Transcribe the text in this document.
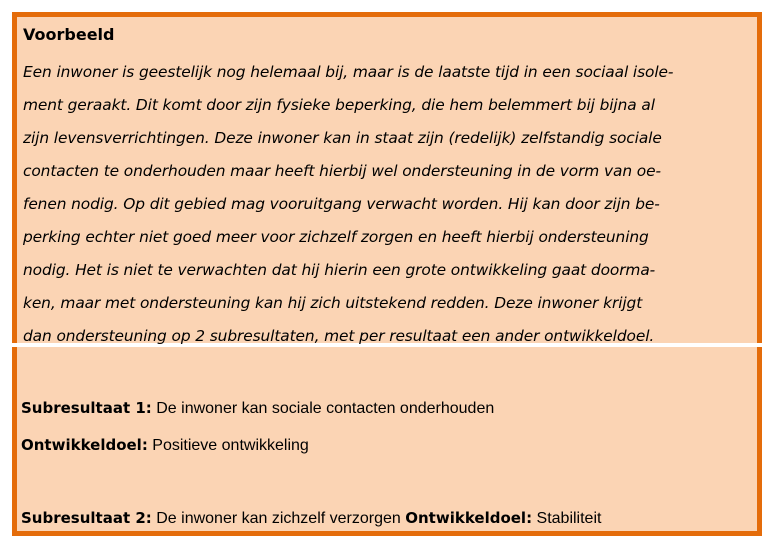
Voorbeeld
Een inwoner is geestelijk nog helemaal bij, maar is de laatste tijd in een sociaal isole-
ment geraakt. Dit komt door zijn fysieke beperking, die hem belemmert bij bijna al
zijn levensverrichtingen. Deze inwoner kan in staat zijn (redelijk) zelfstandig sociale
contacten te onderhouden maar heeft hierbij wel ondersteuning in de vorm van oe-
fenen nodig. Op dit gebied mag vooruitgang verwacht worden. Hij kan door zijn be-
perking echter niet goed meer voor zichzelf zorgen en heeft hierbij ondersteuning
nodig. Het is niet te verwachten dat hij hierin een grote ontwikkeling gaat doorma-
ken, maar met ondersteuning kan hij zich uitstekend redden. Deze inwoner krijgt
dan ondersteuning op 2 subresultaten, met per resultaat een ander ontwikkeldoel.
Subresultaat 1: De inwoner kan sociale contacten onderhouden
Ontwikkeldoel: Positieve ontwikkeling
Subresultaat 2: De inwoner kan zichzelf verzorgen Ontwikkeldoel: Stabiliteit
